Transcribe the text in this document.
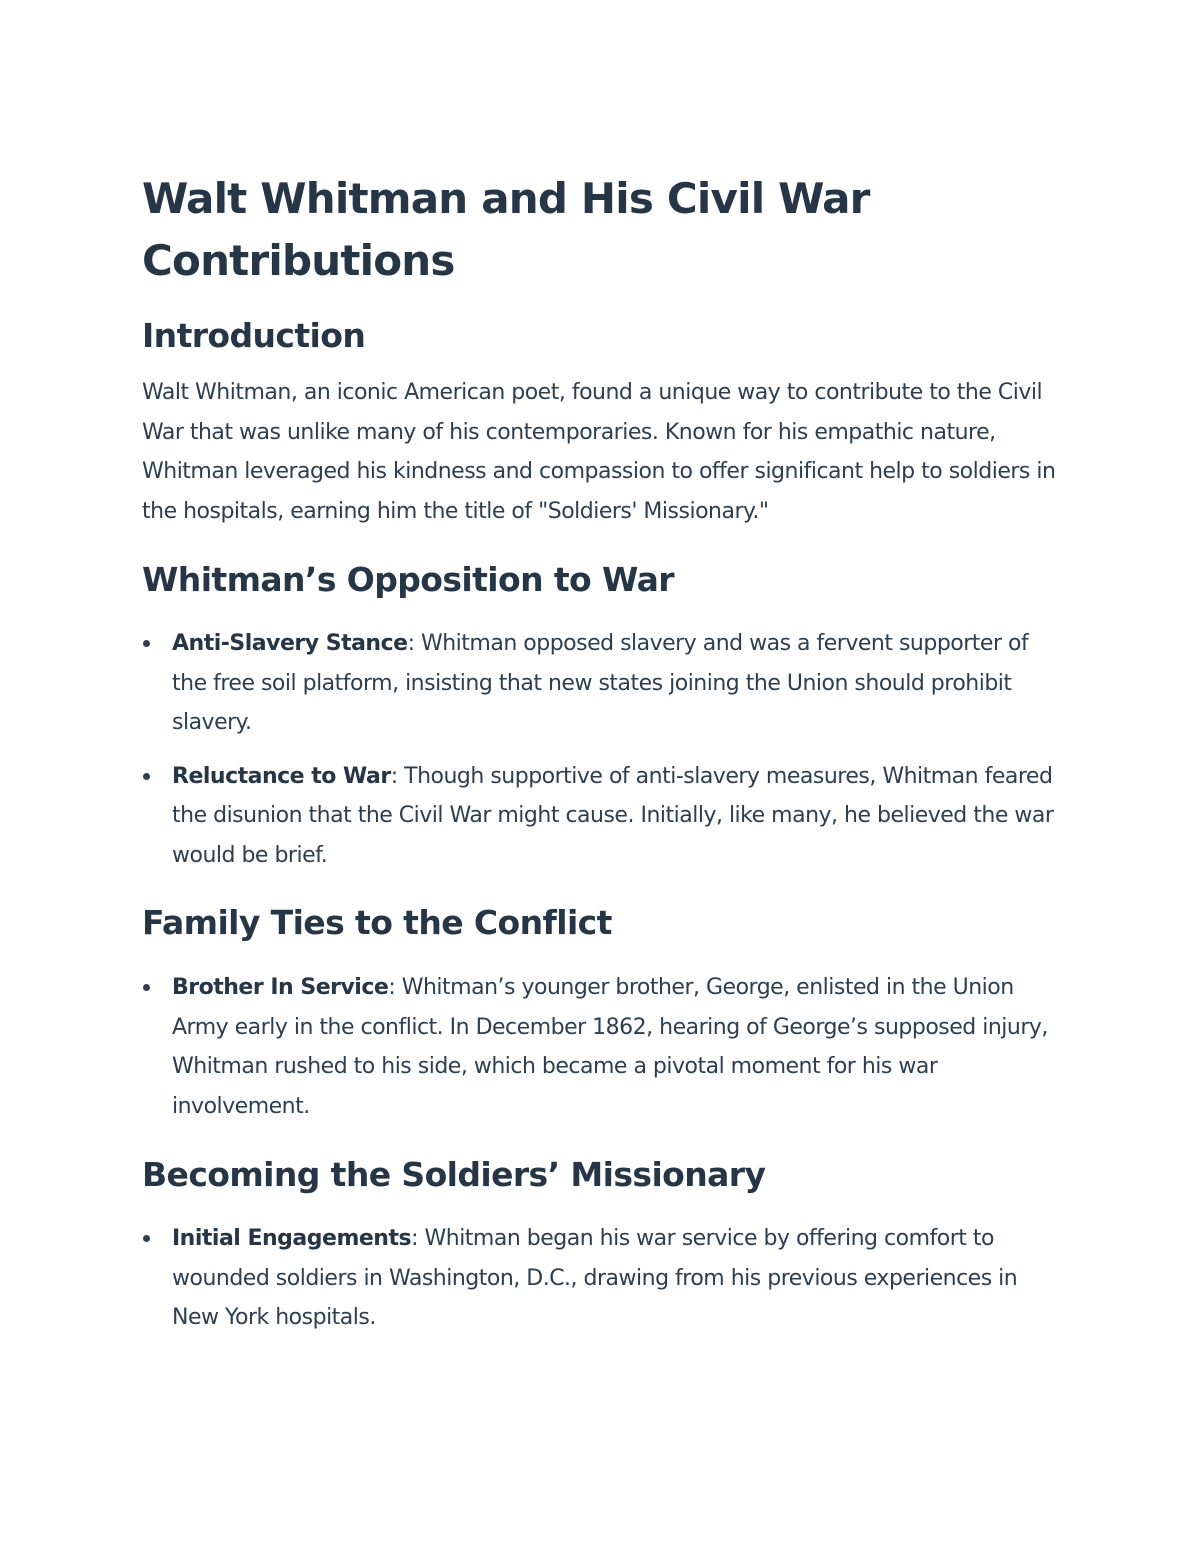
Walt Whitman and His Civil War Contributions
Introduction

Walt Whitman, an iconic American poet, found a unique way to contribute to the Civil War that was unlike many of his contemporaries. Known for his empathic nature, Whitman leveraged his kindness and compassion to offer significant help to soldiers in the hospitals, earning him the title of "Soldiers' Missionary."

Whitman’s Opposition to War
Anti-Slavery Stance: Whitman opposed slavery and was a fervent supporter of the free soil platform, insisting that new states joining the Union should prohibit slavery.
Reluctance to War: Though supportive of anti-slavery measures, Whitman feared the disunion that the Civil War might cause. Initially, like many, he believed the war would be brief.
Family Ties to the Conflict
Brother In Service: Whitman’s younger brother, George, enlisted in the Union Army early in the conflict. In December 1862, hearing of George’s supposed injury, Whitman rushed to his side, which became a pivotal moment for his war involvement.
Becoming the Soldiers’ Missionary
Initial Engagements: Whitman began his war service by offering comfort to wounded soldiers in Washington, D.C., drawing from his previous experiences in New York hospitals.
